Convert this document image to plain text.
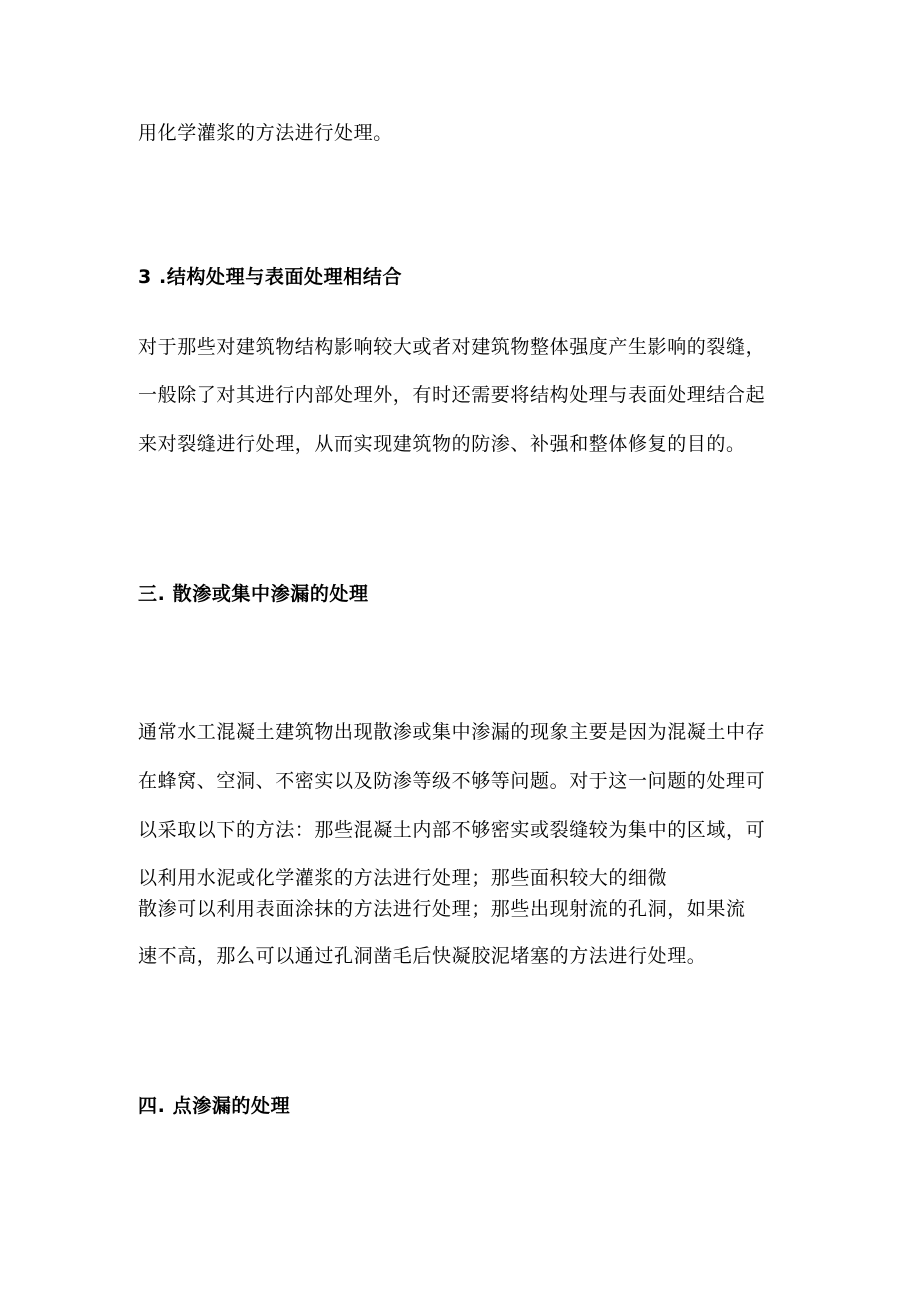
用化学灌浆的方法进行处理。
3 .结构处理与表面处理相结合
对于那些对建筑物结构影响较大或者对建筑物整体强度产生影响的裂缝，
一般除了对其进行内部处理外，有时还需要将结构处理与表面处理结合起
来对裂缝进行处理，从而实现建筑物的防渗、补强和整体修复的目的。
三. 散渗或集中渗漏的处理
通常水工混凝土建筑物出现散渗或集中渗漏的现象主要是因为混凝土中存
在蜂窝、空洞、不密实以及防渗等级不够等问题。对于这一问题的处理可
以采取以下的方法：那些混凝土内部不够密实或裂缝较为集中的区域，可
以利用水泥或化学灌浆的方法进行处理；那些面积较大的细微
散渗可以利用表面涂抹的方法进行处理；那些出现射流的孔洞，如果流
速不高，那么可以通过孔洞凿毛后快凝胶泥堵塞的方法进行处理。
四. 点渗漏的处理
